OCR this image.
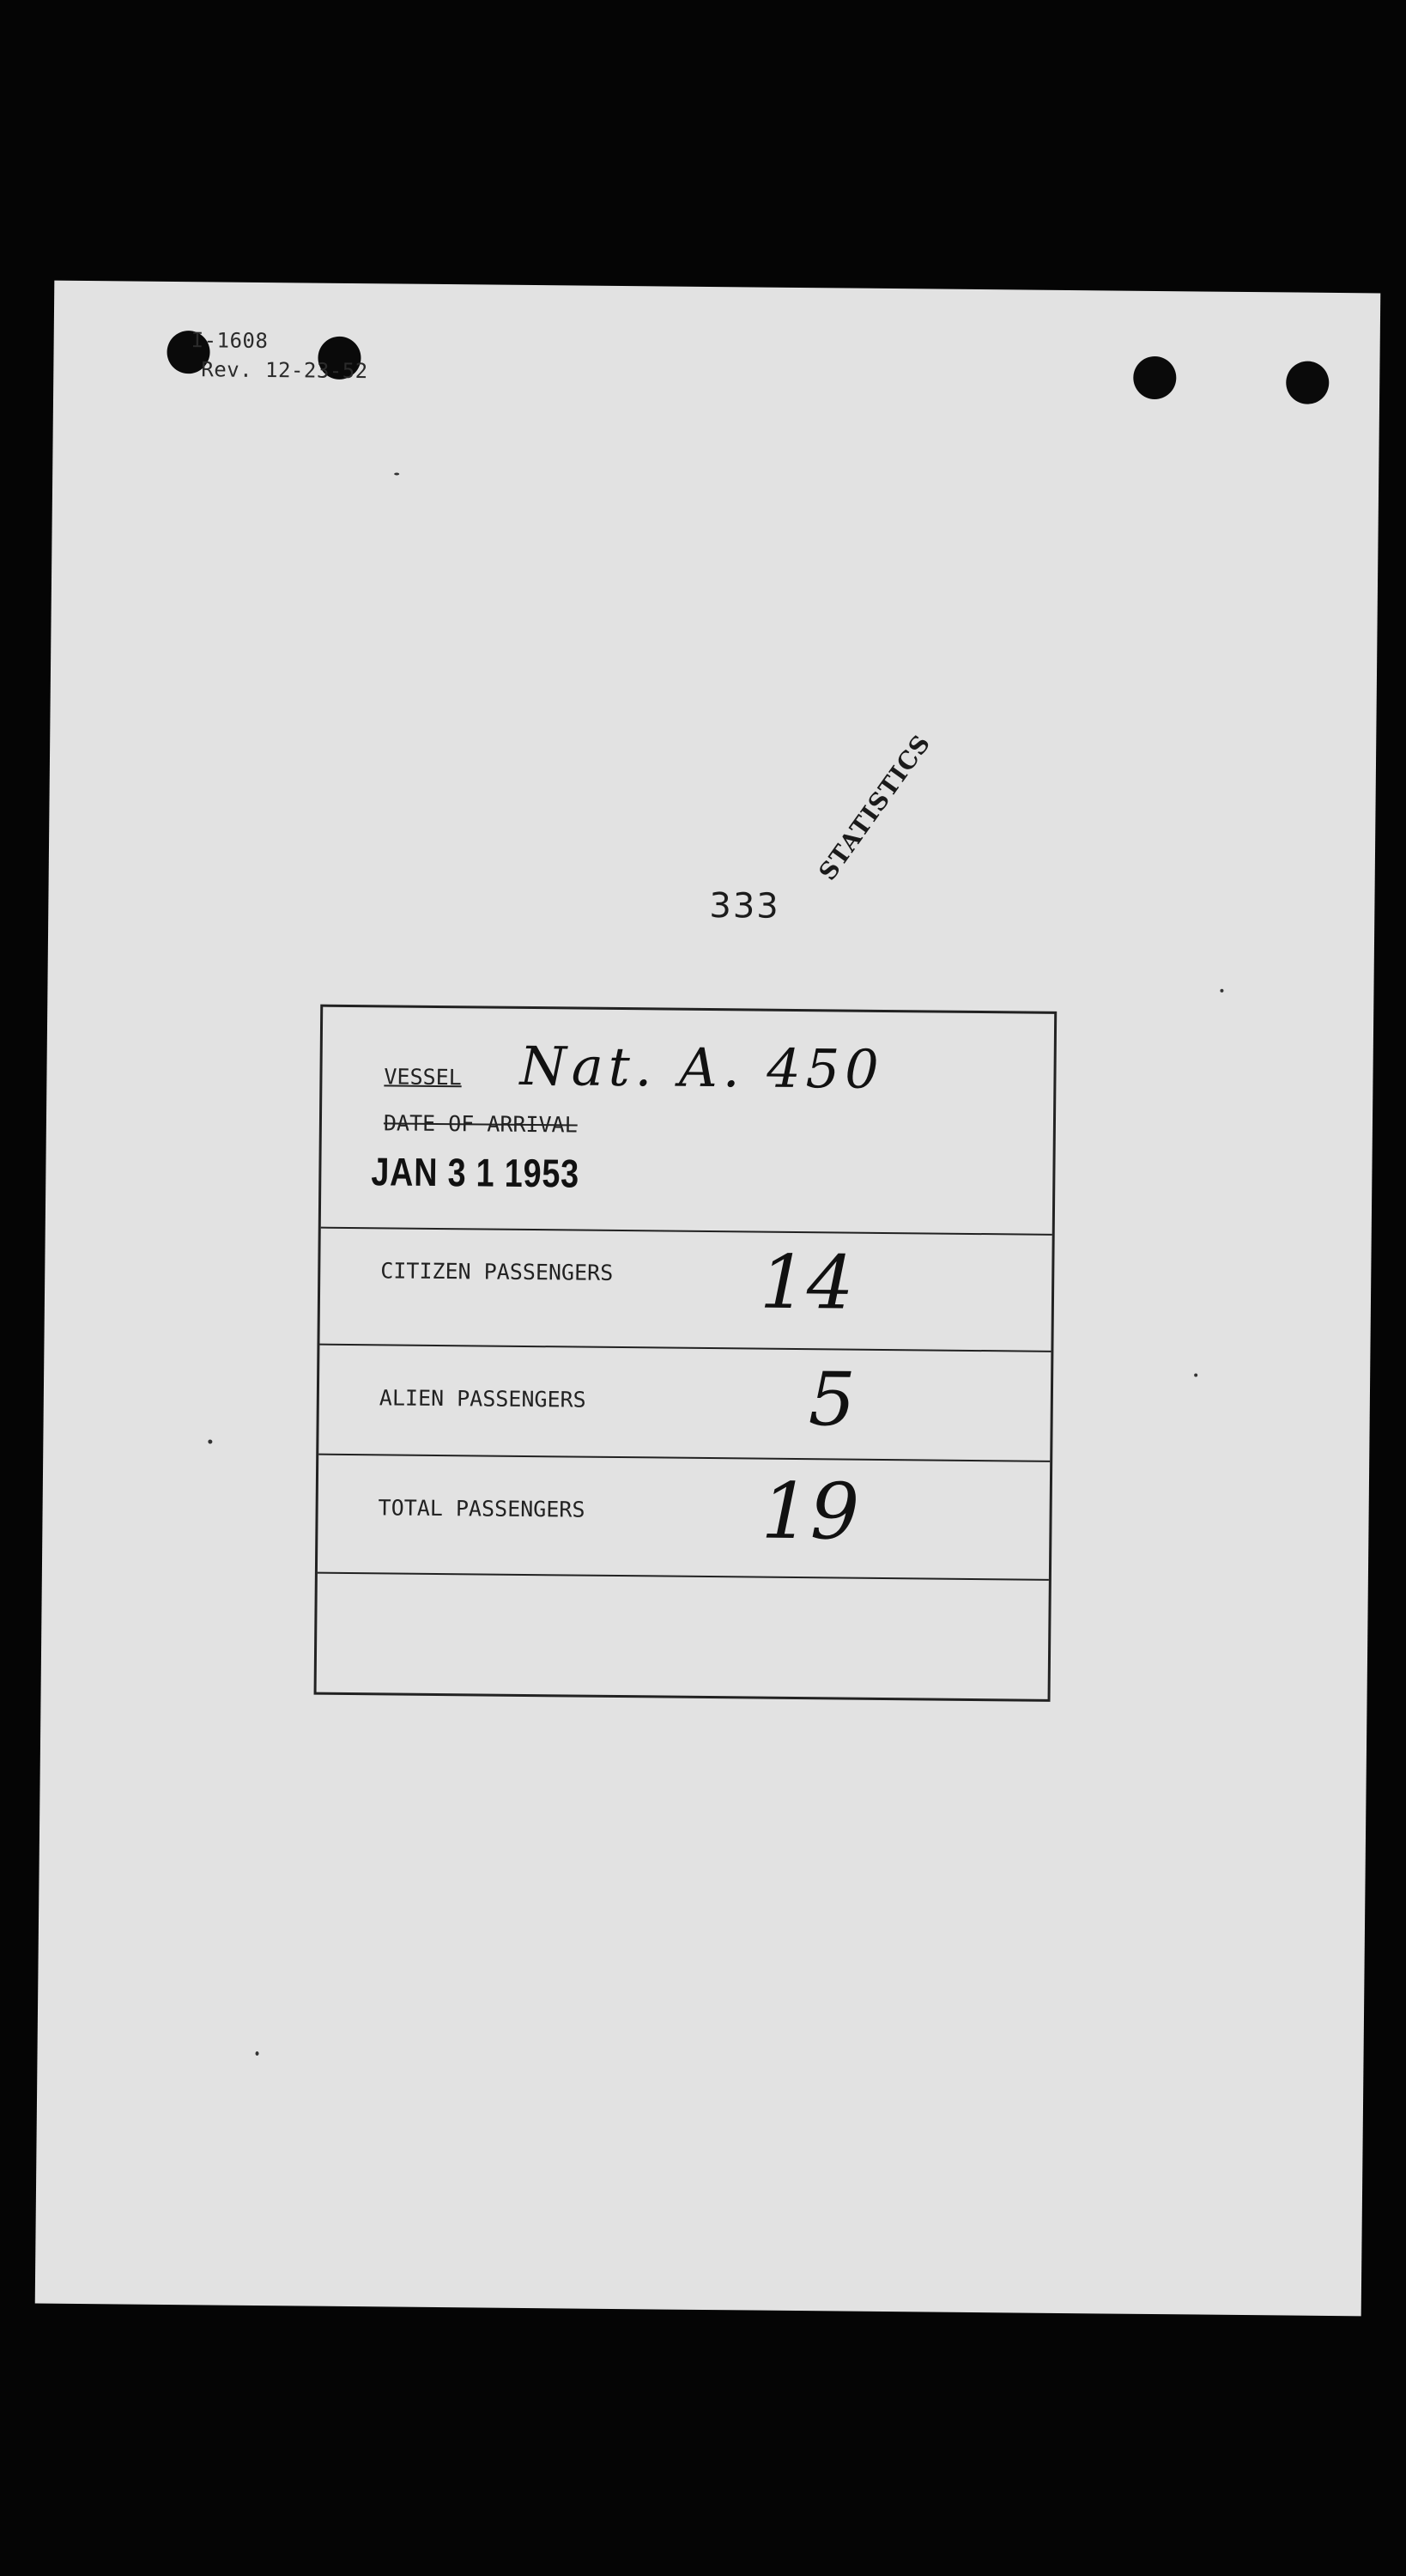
I-1608
Rev. 12-23-52
STATISTICS
333
VESSEL Nat. A. 450
DATE OF ARRIVAL
JAN 3 1 1953
CITIZEN PASSENGERS 14
ALIEN PASSENGERS	5
TOTAL PASSENGERS 19
